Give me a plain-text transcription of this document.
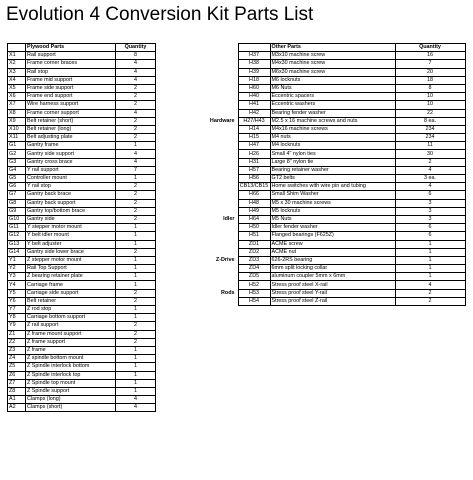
Evolution 4 Conversion Kit Parts List
	Plywood Parts	Quantity
X1	Rail support	8
X2	Frame corner braces	4
X3	Rail stop	4
X4	Frame mid support	4
X5	Frame side support	2
X6	Frame end support	2
X7	Wire harness support	2
X8	Frame corner support	4
X9	Belt retainer (short)	2
X10	Belt retainer (long)	2
X11	Belt adjusting plate	2
G1	Gantry frame	1
G2	Gantry side support	4
G3	Gantry cross brace	4
G4	Y rail support	7
G5	Controller mount	1
G6	Y rail stop	2
G7	Gantry back brace	2
G8	Gantry back support	2
G9	Gantry top/bottom brace	2
G10	Gantry side	2
G11	Y stepper motor mount	1
G12	Y belt idler mount	1
G13	Y belt adjuster	1
G14	Gantry side lower brace	2
Y1	Z stepper motor mount	1
Y2	Rail Top Support	1
Y3	Z bearing retainer plate	1
Y4	Carriage frame	1
Y5	Carriage side support	2
Y6	Belt retainer	2
Y7	Z rod stop	1
Y8	Carriage bottom support	1
Y9	Z rail support	2
Z1	Z frame mount support	2
Z2	Z frame support	2
Z3	Z frame	1
Z4	Z spindle bottom mount	1
Z5	Z Spindle interlock bottom	1
Z6	Z Spindle interlock top	1
Z7	Z Spindle top mount	1
Z8	Z Spindle support	1
A1	Clamps (long)	4
A2	Clamps (short)	4
		Other Parts	Quantity
	H37	M3x10 machine screw	16
	H38	M4x30 machine screw	7
	H39	M6x30 machine screw	20
	H18	M6 locknuts	18
	H60	M6 Nuts	8
	H40	Eccentric spacers	10
	H41	Eccentric washers	10
	H42	Bearing fender washer	22
Hardware	H27/H43	M2.5 x 16 machine screws and nuts	8 ea.
	H14	M4x16 machine screws	234
	H15	M4 nuts	234
	H47	M4 locknuts	11
	H26	Small 4" nylon ties	30
	H31	Large 8" nylon tie	2
	H57	Bearing retainer washer	4
	H56	GT2 belts	3 ea.
	CB13/CB15	Home switches with wire pin and tubing	4
	H66	Small Shim Washer	6
	H48	M5 x 30 machine screws	3
	H49	M5 locknuts	3
Idler	H64	M5 Nuts	3
	H50	Idler fender washer	6
	H51	Flanged bearings (F625Z)	6
	ZD1	ACME screw	1
	ZD2	ACME nut	1
Z-Drive	ZD3	626-2RS bearing	1
	ZD4	6mm split locking collar	1
	ZD5	aluminum coupler 5mm x 6mm	1
	H52	Stress proof steel X-rail	4
Rods	H53	Stress proof steel Y-rail	2
	H54	Stress proof steel Z-rail	2
